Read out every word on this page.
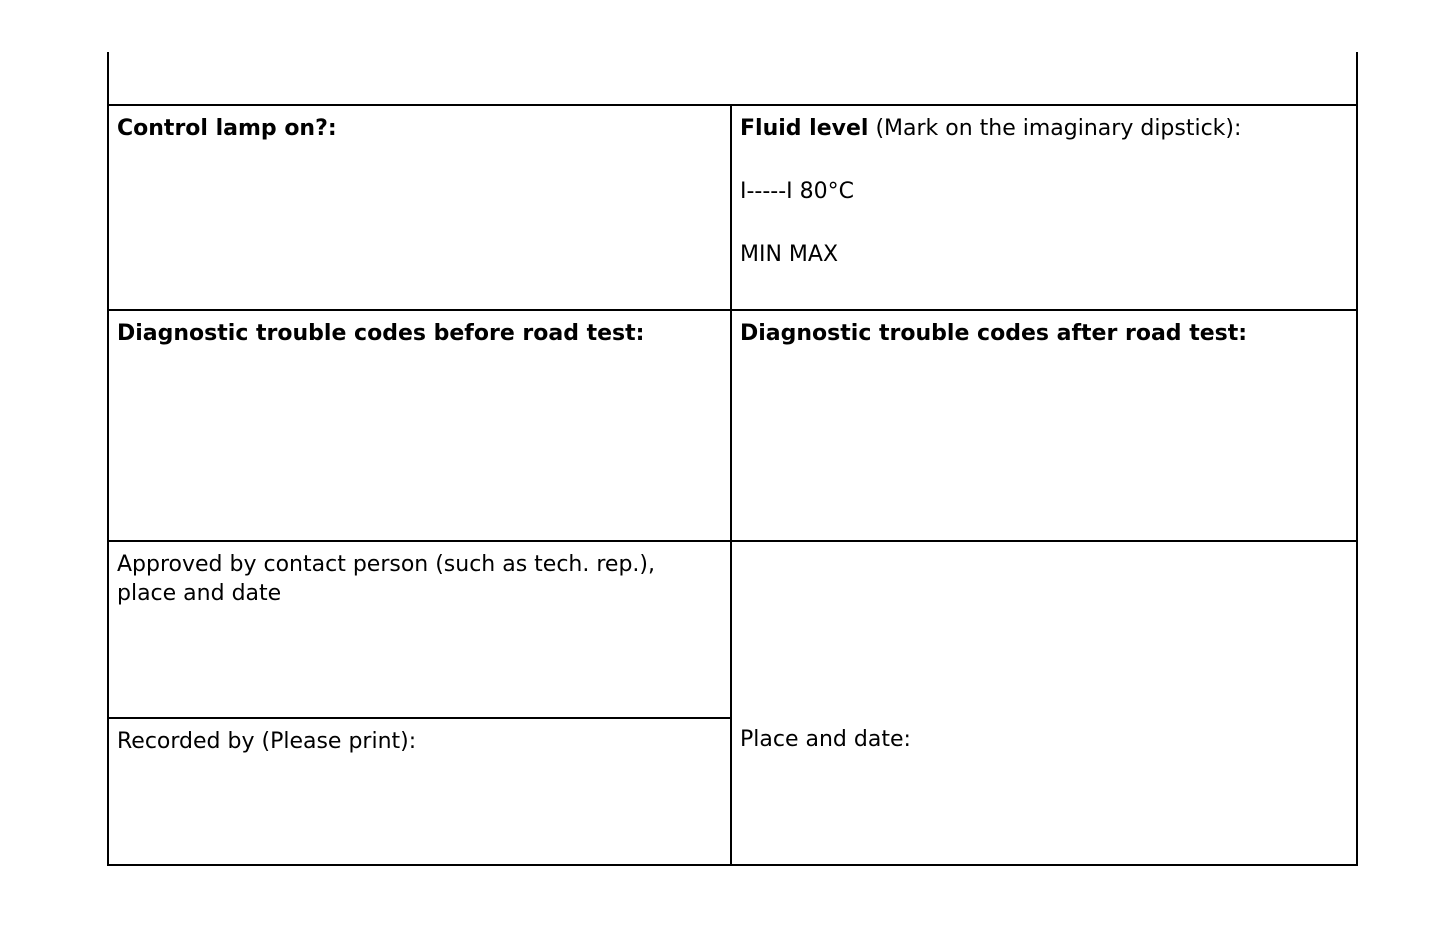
Control lamp on?:	Fluid level (Mark on the imaginary dipstick):
I-----I 80°C
MIN MAX
Diagnostic trouble codes before road test:	Diagnostic trouble codes after road test:
Approved by contact person (such as tech. rep.),
place and date
Recorded by (Please print):	Place and date:
